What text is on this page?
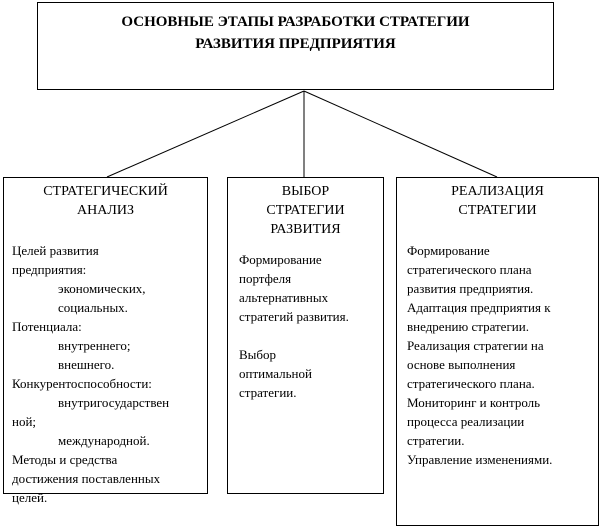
ОСНОВНЫЕ ЭТАПЫ РАЗРАБОТКИ СТРАТЕГИИ
РАЗВИТИЯ ПРЕДПРИЯТИЯ
СТРАТЕГИЧЕСКИЙ
АНАЛИЗ
Целей развития
предприятия:
экономических,
социальных.
Потенциала:
внутреннего;
внешнего.
Конкурентоспособности:
внутригосударствен
ной;
международной.
Методы и средства
достижения поставленных
целей.
ВЫБОР
СТРАТЕГИИ
РАЗВИТИЯ
Формирование
портфеля
альтернативных
стратегий развития.
Выбор
оптимальной
стратегии.
РЕАЛИЗАЦИЯ
СТРАТЕГИИ
Формирование
стратегического плана
развития предприятия.
Адаптация предприятия к
внедрению стратегии.
Реализация стратегии на
основе выполнения
стратегического плана.
Мониторинг и контроль
процесса реализации
стратегии.
Управление изменениями.
